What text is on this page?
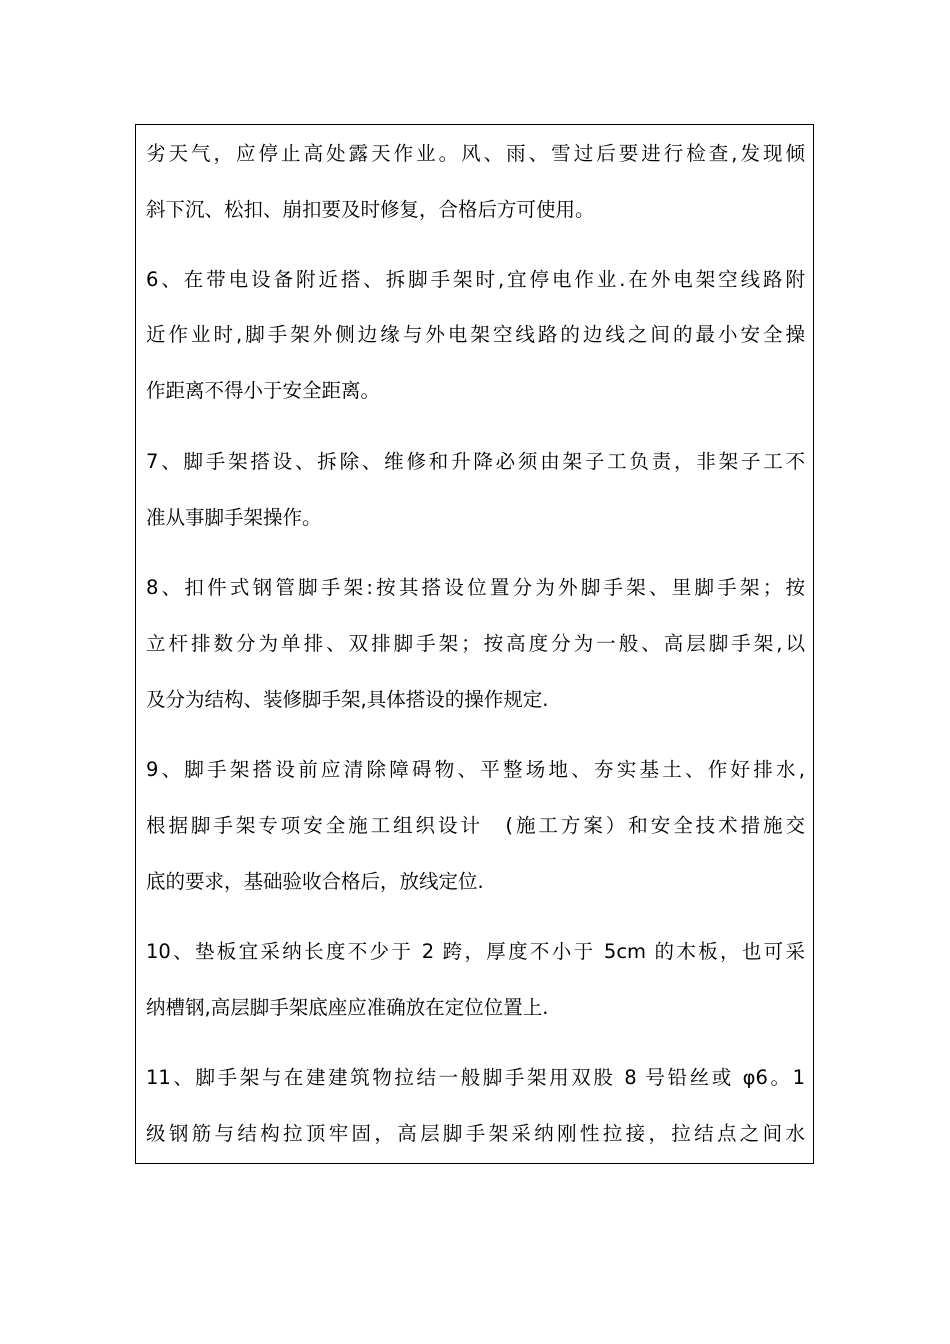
劣天气，应停止高处露天作业。风、雨、雪过后要进行检查,发现倾
斜下沉、松扣、崩扣要及时修复，合格后方可使用。
6、在带电设备附近搭、拆脚手架时,宜停电作业.在外电架空线路附
近作业时,脚手架外侧边缘与外电架空线路的边线之间的最小安全操
作距离不得小于安全距离。
7、脚手架搭设、拆除、维修和升降必须由架子工负责，非架子工不
准从事脚手架操作。
8、扣件式钢管脚手架:按其搭设位置分为外脚手架、里脚手架；按
立杆排数分为单排、双排脚手架；按高度分为一般、高层脚手架,以
及分为结构、装修脚手架,具体搭设的操作规定.
9、脚手架搭设前应清除障碍物、平整场地、夯实基土、作好排水,
根据脚手架专项安全施工组织设计　(施工方案）和安全技术措施交
底的要求，基础验收合格后，放线定位.
10、垫板宜采纳长度不少于 2 跨，厚度不小于 5cm 的木板，也可采
纳槽钢,高层脚手架底座应准确放在定位位置上.
11、脚手架与在建建筑物拉结一般脚手架用双股 8 号铅丝或 φ6。1
级钢筋与结构拉顶牢固，高层脚手架采纳刚性拉接，拉结点之间水
